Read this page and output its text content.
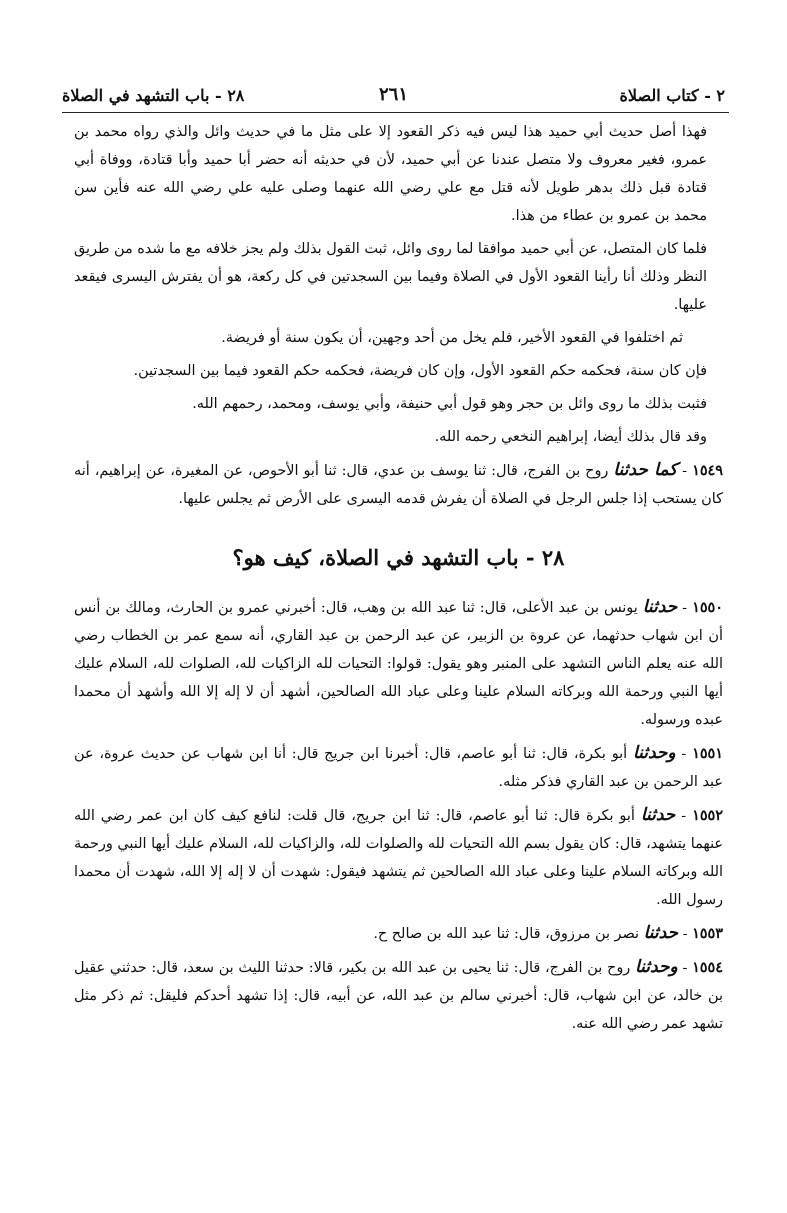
٢ - كتاب الصلاة
٢٦١
٢٨ - باب التشهد في الصلاة

فهذا أصل حديث أبي حميد هذا ليس فيه ذكر القعود إلا على مثل ما في حديث وائل والذي رواه محمد بن عمرو، فغير معروف ولا متصل عندنا عن أبي حميد، لأن في حديثه أنه حضر أبا حميد وأبا قتادة، ووفاة أبي قتادة قبل ذلك بدهر طويل لأنه قتل مع علي رضي الله عنهما وصلى عليه علي رضي الله عنه فأين سن محمد بن عمرو بن عطاء من هذا.

فلما كان المتصل، عن أبي حميد موافقا لما روى وائل، ثبت القول بذلك ولم يجز خلافه مع ما شده من طريق النظر وذلك أنا رأينا القعود الأول في الصلاة وفيما بين السجدتين في كل ركعة، هو أن يفترش اليسرى فيقعد عليها.

ثم اختلفوا في القعود الأخير، فلم يخل من أحد وجهين، أن يكون سنة أو فريضة.

فإن كان سنة، فحكمه حكم القعود الأول، وإن كان فريضة، فحكمه حكم القعود فيما بين السجدتين.

فثبت بذلك ما روى وائل بن حجر وهو قول أبي حنيفة، وأبي يوسف، ومحمد، رحمهم الله.

وقد قال بذلك أيضا، إبراهيم النخعي رحمه الله.

١٥٤٩ - كما حدثنا روح بن الفرج، قال: ثنا يوسف بن عدي، قال: ثنا أبو الأحوص، عن المغيرة، عن إبراهيم، أنه كان يستحب إذا جلس الرجل في الصلاة أن يفرش قدمه اليسرى على الأرض ثم يجلس عليها.

٢٨ - باب التشهد في الصلاة، كيف هو؟

١٥٥٠ - حدثنا يونس بن عبد الأعلى، قال: ثنا عبد الله بن وهب، قال: أخبرني عمرو بن الحارث، ومالك بن أنس أن ابن شهاب حدثهما، عن عروة بن الزبير، عن عبد الرحمن بن عبد القاري، أنه سمع عمر بن الخطاب رضي الله عنه يعلم الناس التشهد على المنبر وهو يقول: قولوا: التحيات لله الزاكيات لله، الصلوات لله، السلام عليك أيها النبي ورحمة الله وبركاته السلام علينا وعلى عباد الله الصالحين، أشهد أن لا إله إلا الله وأشهد أن محمدا عبده ورسوله.

١٥٥١ - وحدثنا أبو بكرة، قال: ثنا أبو عاصم، قال: أخبرنا ابن جريج قال: أنا ابن شهاب عن حديث عروة، عن عبد الرحمن بن عبد القاري فذكر مثله.

١٥٥٢ - حدثنا أبو بكرة قال: ثنا أبو عاصم، قال: ثنا ابن جريج، قال قلت: لنافع كيف كان ابن عمر رضي الله عنهما يتشهد، قال: كان يقول بسم الله التحيات لله والصلوات لله، والزاكيات لله، السلام عليك أيها النبي ورحمة الله وبركاته السلام علينا وعلى عباد الله الصالحين ثم يتشهد فيقول: شهدت أن لا إله إلا الله، شهدت أن محمدا رسول الله.

١٥٥٣ - حدثنا نصر بن مرزوق، قال: ثنا عبد الله بن صالح ح.

١٥٥٤ - وحدثنا روح بن الفرج، قال: ثنا يحيى بن عبد الله بن بكير، قالا: حدثنا الليث بن سعد، قال: حدثني عقيل بن خالد، عن ابن شهاب، قال: أخبرني سالم بن عبد الله، عن أبيه، قال: إذا تشهد أحدكم فليقل: ثم ذكر مثل تشهد عمر رضي الله عنه.
